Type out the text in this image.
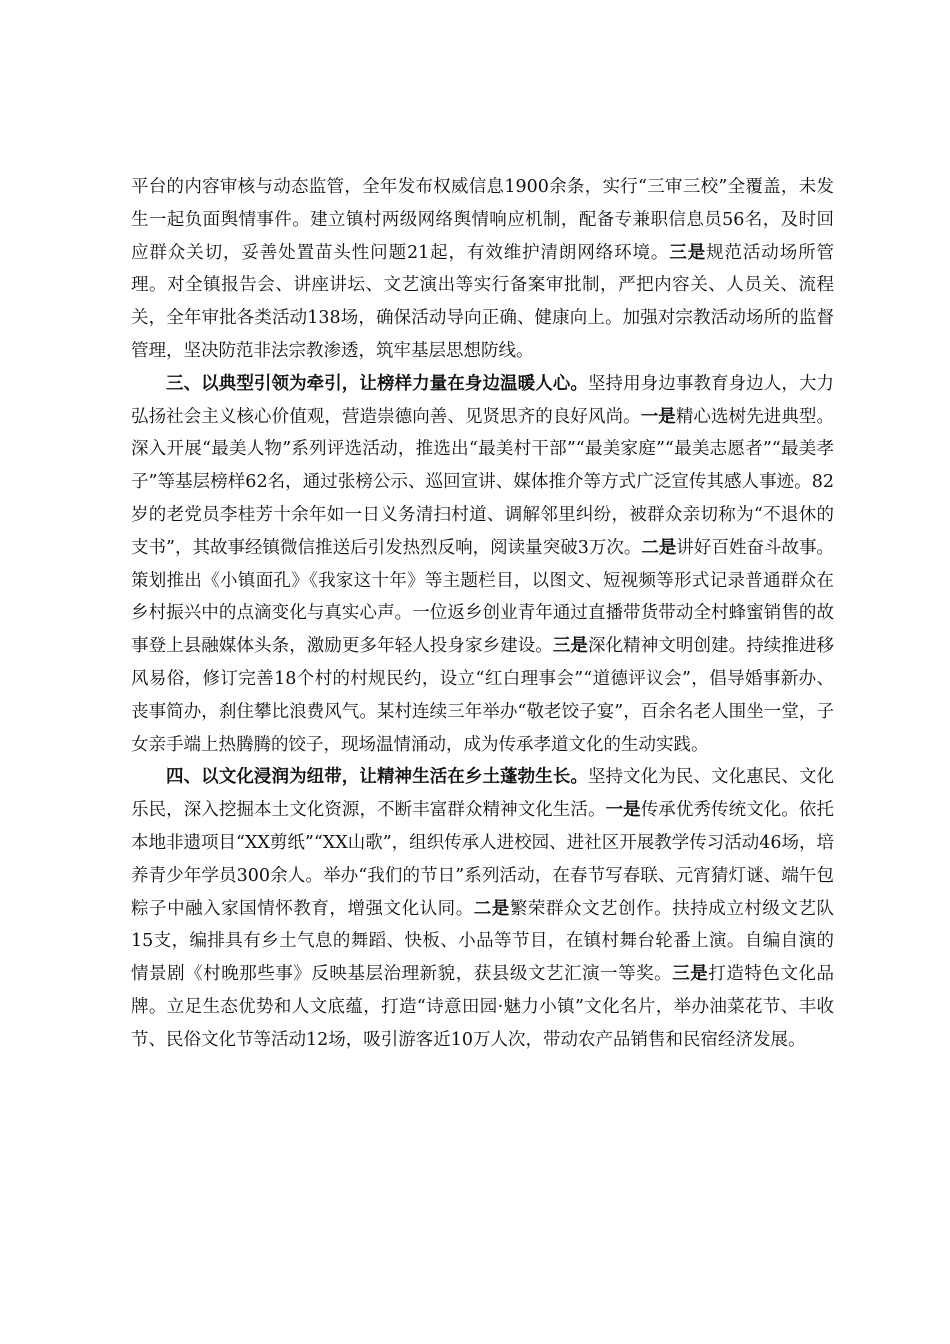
平台的内容审核与动态监管，全年发布权威信息1900余条，实行“三审三校”全覆盖，未发生一起负面舆情事件。建立镇村两级网络舆情响应机制，配备专兼职信息员56名，及时回应群众关切，妥善处置苗头性问题21起，有效维护清朗网络环境。三是规范活动场所管理。对全镇报告会、讲座讲坛、文艺演出等实行备案审批制，严把内容关、人员关、流程关，全年审批各类活动138场，确保活动导向正确、健康向上。加强对宗教活动场所的监督管理，坚决防范非法宗教渗透，筑牢基层思想防线。

三、以典型引领为牵引，让榜样力量在身边温暖人心。坚持用身边事教育身边人，大力弘扬社会主义核心价值观，营造崇德向善、见贤思齐的良好风尚。一是精心选树先进典型。深入开展“最美人物”系列评选活动，推选出“最美村干部”“最美家庭”“最美志愿者”“最美孝子”等基层榜样62名，通过张榜公示、巡回宣讲、媒体推介等方式广泛宣传其感人事迹。82岁的老党员李桂芳十余年如一日义务清扫村道、调解邻里纠纷，被群众亲切称为“不退休的支书”，其故事经镇微信推送后引发热烈反响，阅读量突破3万次。二是讲好百姓奋斗故事。策划推出《小镇面孔》《我家这十年》等主题栏目，以图文、短视频等形式记录普通群众在乡村振兴中的点滴变化与真实心声。一位返乡创业青年通过直播带货带动全村蜂蜜销售的故事登上县融媒体头条，激励更多年轻人投身家乡建设。三是深化精神文明创建。持续推进移风易俗，修订完善18个村的村规民约，设立“红白理事会”“道德评议会”，倡导婚事新办、丧事简办，刹住攀比浪费风气。某村连续三年举办“敬老饺子宴”，百余名老人围坐一堂，子女亲手端上热腾腾的饺子，现场温情涌动，成为传承孝道文化的生动实践。

四、以文化浸润为纽带，让精神生活在乡土蓬勃生长。坚持文化为民、文化惠民、文化乐民，深入挖掘本土文化资源，不断丰富群众精神文化生活。一是传承优秀传统文化。依托本地非遗项目“XX剪纸”“XX山歌”，组织传承人进校园、进社区开展教学传习活动46场，培养青少年学员300余人。举办“我们的节日”系列活动，在春节写春联、元宵猜灯谜、端午包粽子中融入家国情怀教育，增强文化认同。二是繁荣群众文艺创作。扶持成立村级文艺队15支，编排具有乡土气息的舞蹈、快板、小品等节目，在镇村舞台轮番上演。自编自演的情景剧《村晚那些事》反映基层治理新貌，获县级文艺汇演一等奖。三是打造特色文化品牌。立足生态优势和人文底蕴，打造“诗意田园·魅力小镇”文化名片，举办油菜花节、丰收节、民俗文化节等活动12场，吸引游客近10万人次，带动农产品销售和民宿经济发展。
